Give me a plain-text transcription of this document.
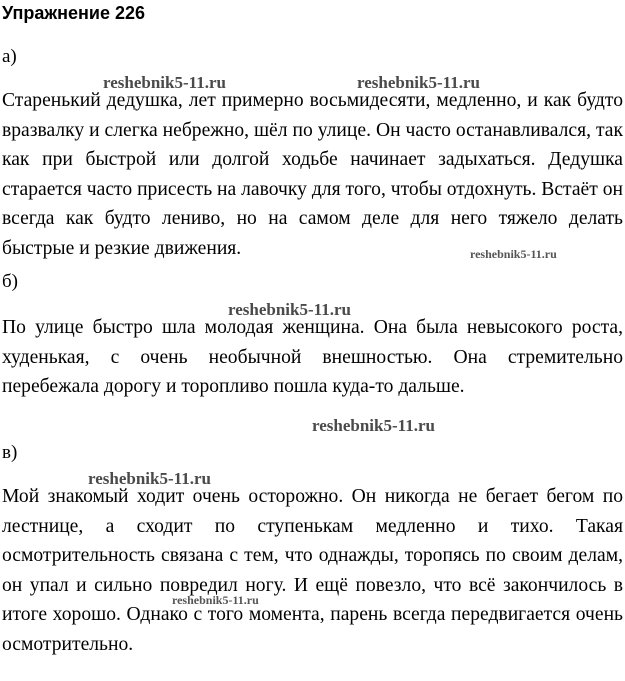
Упражнение 226
а)
reshebnik5-11.ru	reshebnik5-11.ru
Старенький дедушка, лет примерно восьмидесяти, медленно, и как будто вразвалку и слегка небрежно, шёл по улице. Он часто останавливался, так как при быстрой или долгой ходьбе начинает задыхаться. Дедушка старается часто присесть на лавочку для того, чтобы отдохнуть. Встаёт он всегда как будто лениво, но на самом деле для него тяжело делать быстрые и резкие движения.	reshebnik5-11.ru
б)
reshebnik5-11.ru
По улице быстро шла молодая женщина. Она была невысокого роста, худенькая, с очень необычной внешностью. Она стремительно перебежала дорогу и торопливо пошла куда-то дальше.
reshebnik5-11.ru
в)
reshebnik5-11.ru
Мой знакомый ходит очень осторожно. Он никогда не бегает бегом по лестнице, а сходит по ступенькам медленно и тихо. Такая осмотрительность связана с тем, что однажды, торопясь по своим делам, он упал и сильно повредил ногу. И ещё повезло, что всё закончилось в итоге хорошо. Однако с того момента, парень всегда передвигается очень осмотрительно.
reshebnik5-11.ru
